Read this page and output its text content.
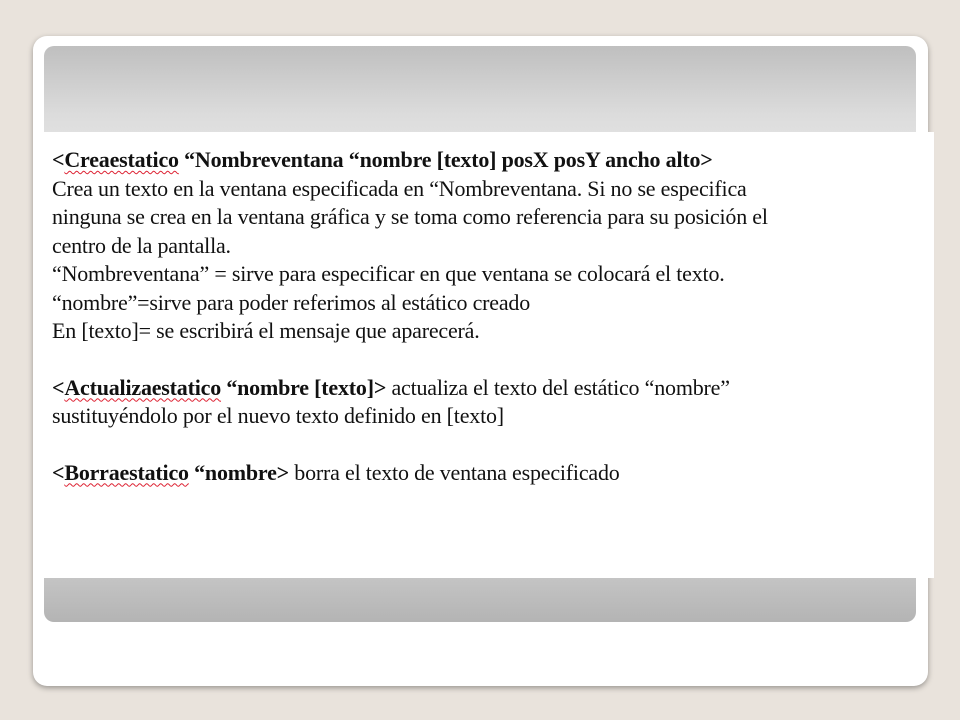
<Creaestatico “Nombreventana “nombre [texto] posX posY ancho alto>
Crea un texto en la ventana especificada en “Nombreventana. Si no se especifica
ninguna se crea en la ventana gráfica y se toma como referencia para su posición el
centro de la pantalla.
“Nombreventana” = sirve para especificar en que ventana se colocará el texto.
“nombre”=sirve para poder referimos al estático creado
En [texto]= se escribirá el mensaje que aparecerá.
<Actualizaestatico “nombre [texto]> actualiza el texto del estático “nombre”
sustituyéndolo por el nuevo texto definido en [texto]
<Borraestatico “nombre> borra el texto de ventana especificado
